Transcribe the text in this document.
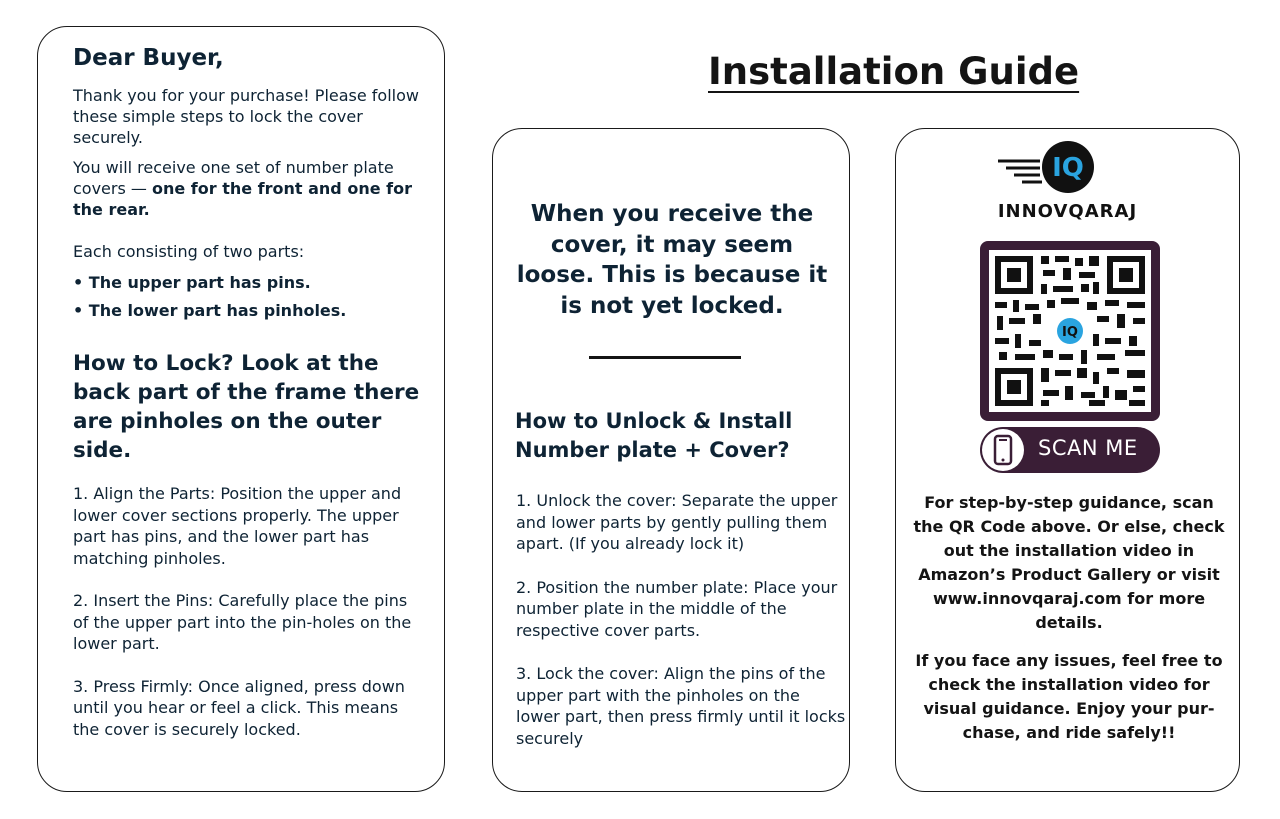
Dear Buyer,

Thank you for your purchase! Please follow these simple steps to lock the cover securely.

You will receive one set of number plate covers — one for the front and one for the rear.

Each consisting of two parts:

• The upper part has pins.

• The lower part has pinholes.

How to Lock? Look at the back part of the frame there are pinholes on the outer side.

1. Align the Parts: Position the upper and lower cover sections properly. The upper part has pins, and the lower part has matching pinholes.

2. Insert the Pins: Carefully place the pins of the upper part into the pin-holes on the lower part.

3. Press Firmly: Once aligned, press down until you hear or feel a click. This means the cover is securely locked.

Installation Guide

When you receive the cover, it may seem loose. This is because it is not yet locked.

How to Unlock & Install Number plate + Cover?

1. Unlock the cover: Separate the upper and lower parts by gently pulling them apart. (If you already lock it)

2. Position the number plate: Place your number plate in the middle of the respective cover parts.

3. Lock the cover: Align the pins of the upper part with the pinholes on the lower part, then press firmly until it locks securely

IQ
INNOVQARAJ
IQ
SCAN ME

For step-by-step guidance, scan the QR Code above. Or else, check out the installation video in Amazon’s Product Gallery or visit www.innovqaraj.com for more details.

If you face any issues, feel free to check the installation video for visual guidance. Enjoy your pur-chase, and ride safely!!
